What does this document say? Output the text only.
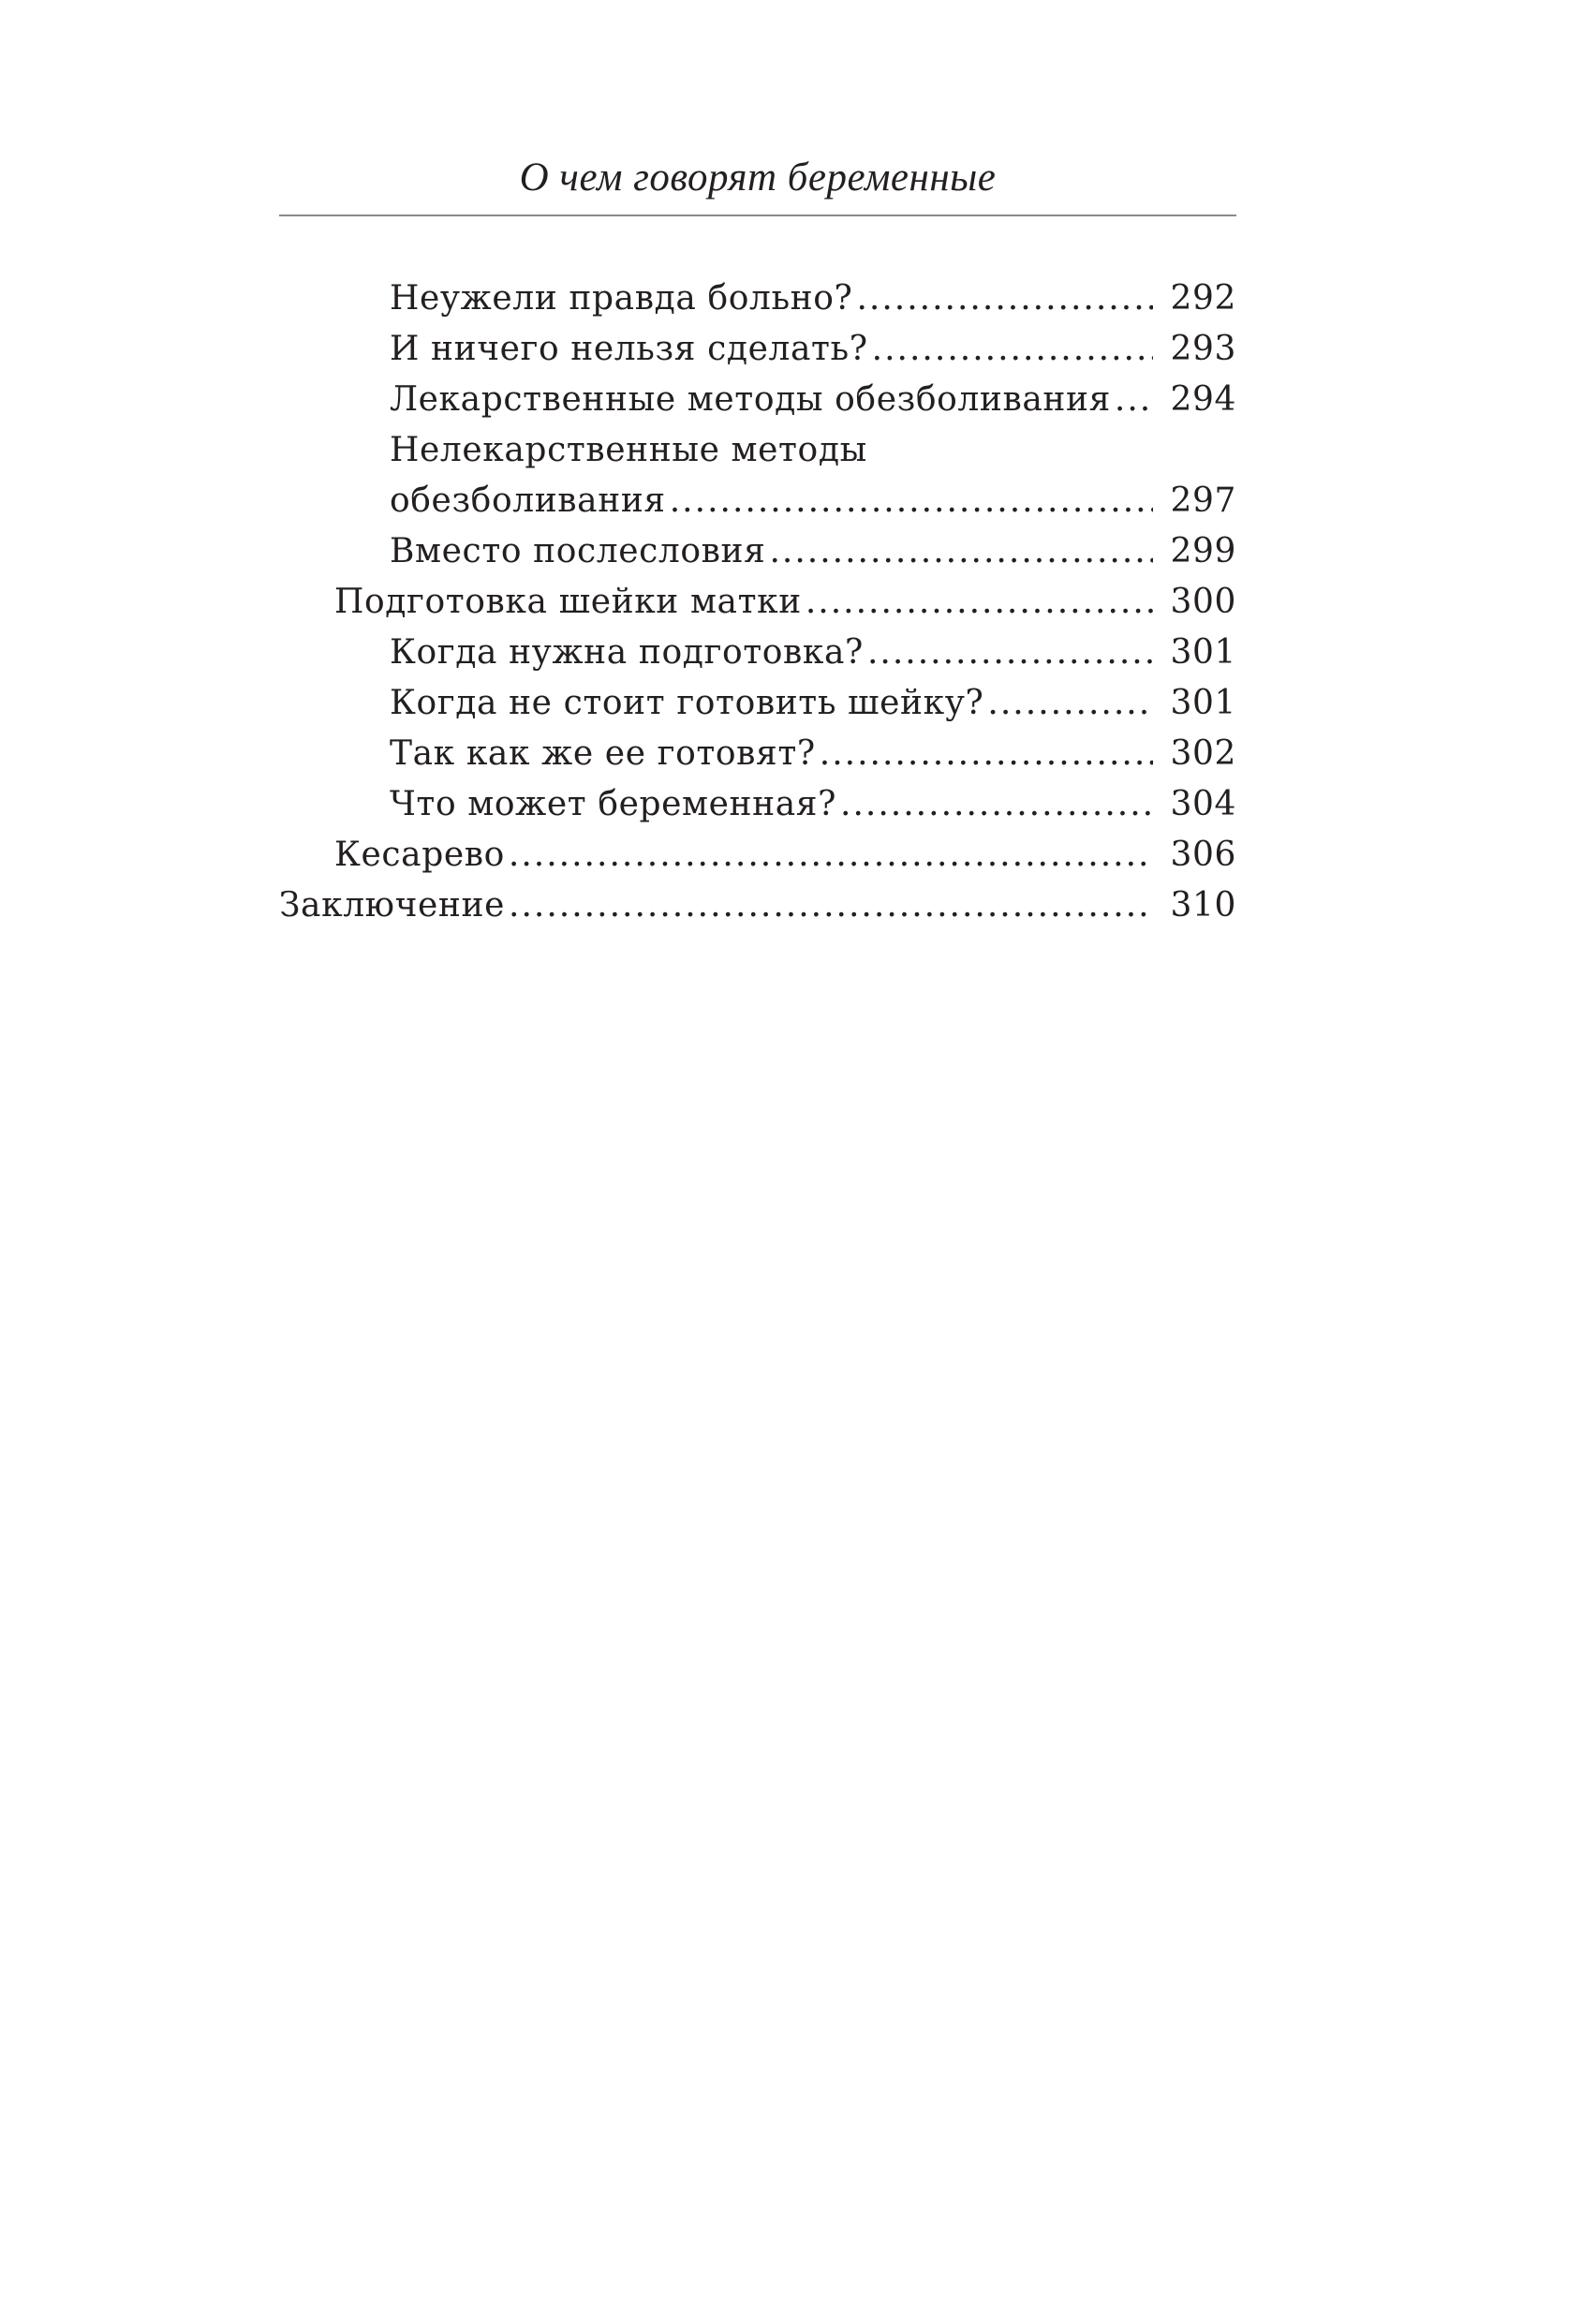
О чем говорят беременные
Неужели правда больно? .....	292
И ничего нельзя сделать? .....	293
Лекарственные методы обезболивания .....	294
Нелекарственные методы
обезболивания .....	297
Вместо послесловия .....	299
Подготовка шейки матки .....	300
Когда нужна подготовка? .....	301
Когда не стоит готовить шейку? .....	301
Так как же ее готовят? .....	302
Что может беременная? .....	304
Кесарево .....	306
Заключение .....	310
